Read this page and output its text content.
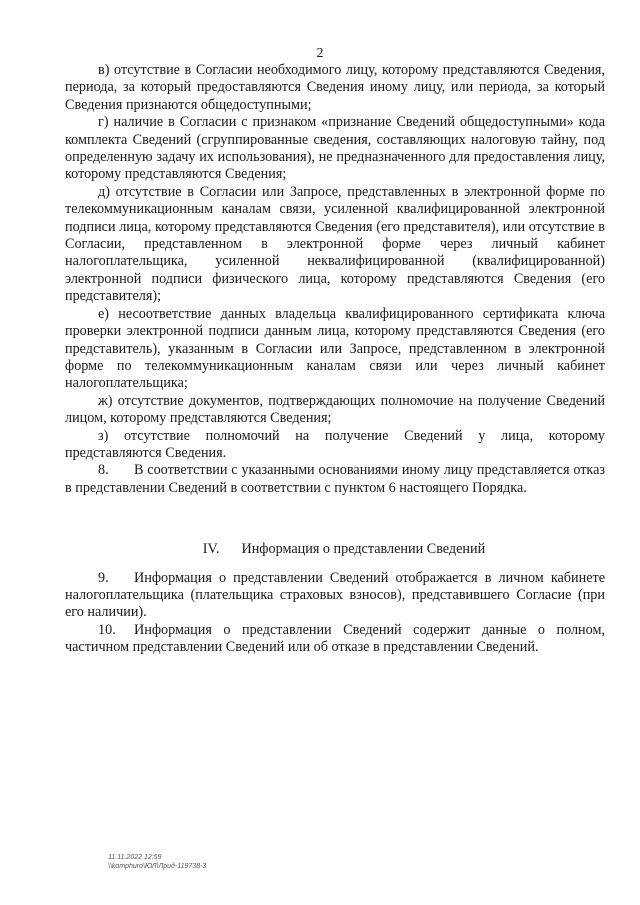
2

в) отсутствие в Согласии необходимого лицу, которому представляются Сведения, периода, за который предоставляются Сведения иному лицу, или периода, за который Сведения признаются общедоступными;

г) наличие в Согласии с признаком «признание Сведений общедоступными» кода комплекта Сведений (сгруппированные сведения, составляющих налоговую тайну, под определенную задачу их использования), не предназначенного для предоставления лицу, которому представляются Сведения;

д) отсутствие в Согласии или Запросе, представленных в электронной форме по телекоммуникационным каналам связи, усиленной квалифицированной электронной подписи лица, которому представляются Сведения (его представителя), или отсутствие в Согласии, представленном в электронной форме через личный кабинет налогоплательщика, усиленной неквалифицированной (квалифицированной) электронной подписи физического лица, которому представляются Сведения (его представителя);

е) несоответствие данных владельца квалифицированного сертификата ключа проверки электронной подписи данным лица, которому представляются Сведения (его представитель), указанным в Согласии или Запросе, представленном в электронной форме по телекоммуникационным каналам связи или через личный кабинет налогоплательщика;

ж) отсутствие документов, подтверждающих полномочие на получение Сведений лицом, которому представляются Сведения;

з) отсутствие полномочий на получение Сведений у лица, которому представляются Сведения.

8. В соответствии с указанными основаниями иному лицу представляется отказ в представлении Сведений в соответствии с пунктом 6 настоящего Порядка.

IV. Информация о представлении Сведений

9. Информация о представлении Сведений отображается в личном кабинете налогоплательщика (плательщика страховых взносов), представившего Согласие (при его наличии).

10. Информация о представлении Сведений содержит данные о полном, частичном представлении Сведений или об отказе в представлении Сведений.

11.11.2022 12:59
\\komphuro\ЮЛ\Лрид-119738-3
